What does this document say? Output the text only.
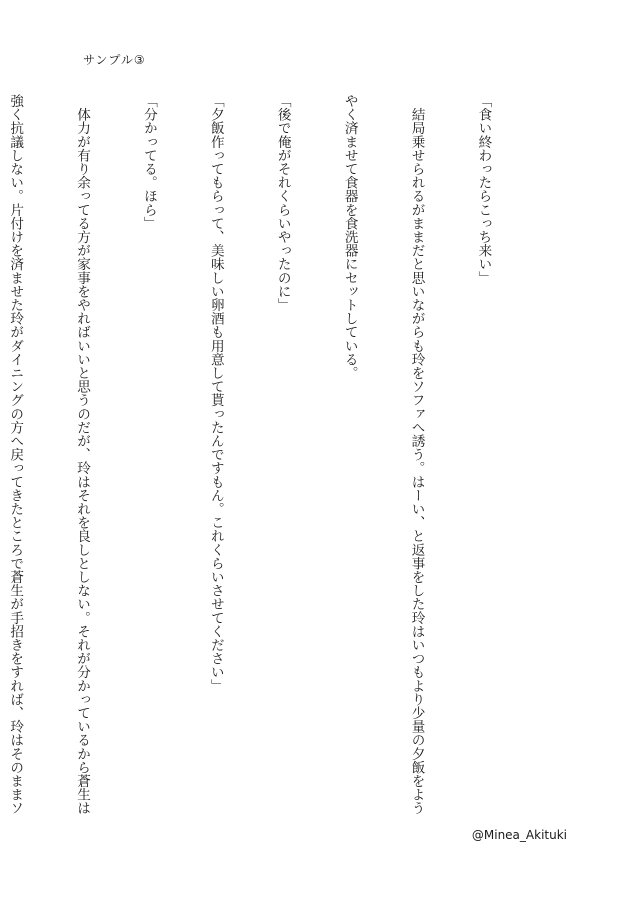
サンプル③

「食い終わったらこっち来い」

　結局乗せられるがままだと思いながらも玲をソファへ誘う。はーい、と返事をした玲はいつもより少量の夕飯をよう

やく済ませて食器を食洗器にセットしている。

「後で俺がそれくらいやったのに」

「夕飯作ってもらって、美味しい卵酒も用意して貰ったんですもん。これくらいさせてください」

「分かってる。ほら」

　体力が有り余ってる方が家事をやればいいと思うのだが、玲はそれを良しとしない。それが分かっているから蒼生は

強く抗議しない。片付けを済ませた玲がダイニングの方へ戻ってきたところで蒼生が手招きをすれば、玲はそのままソ

@Minea_Akituki
